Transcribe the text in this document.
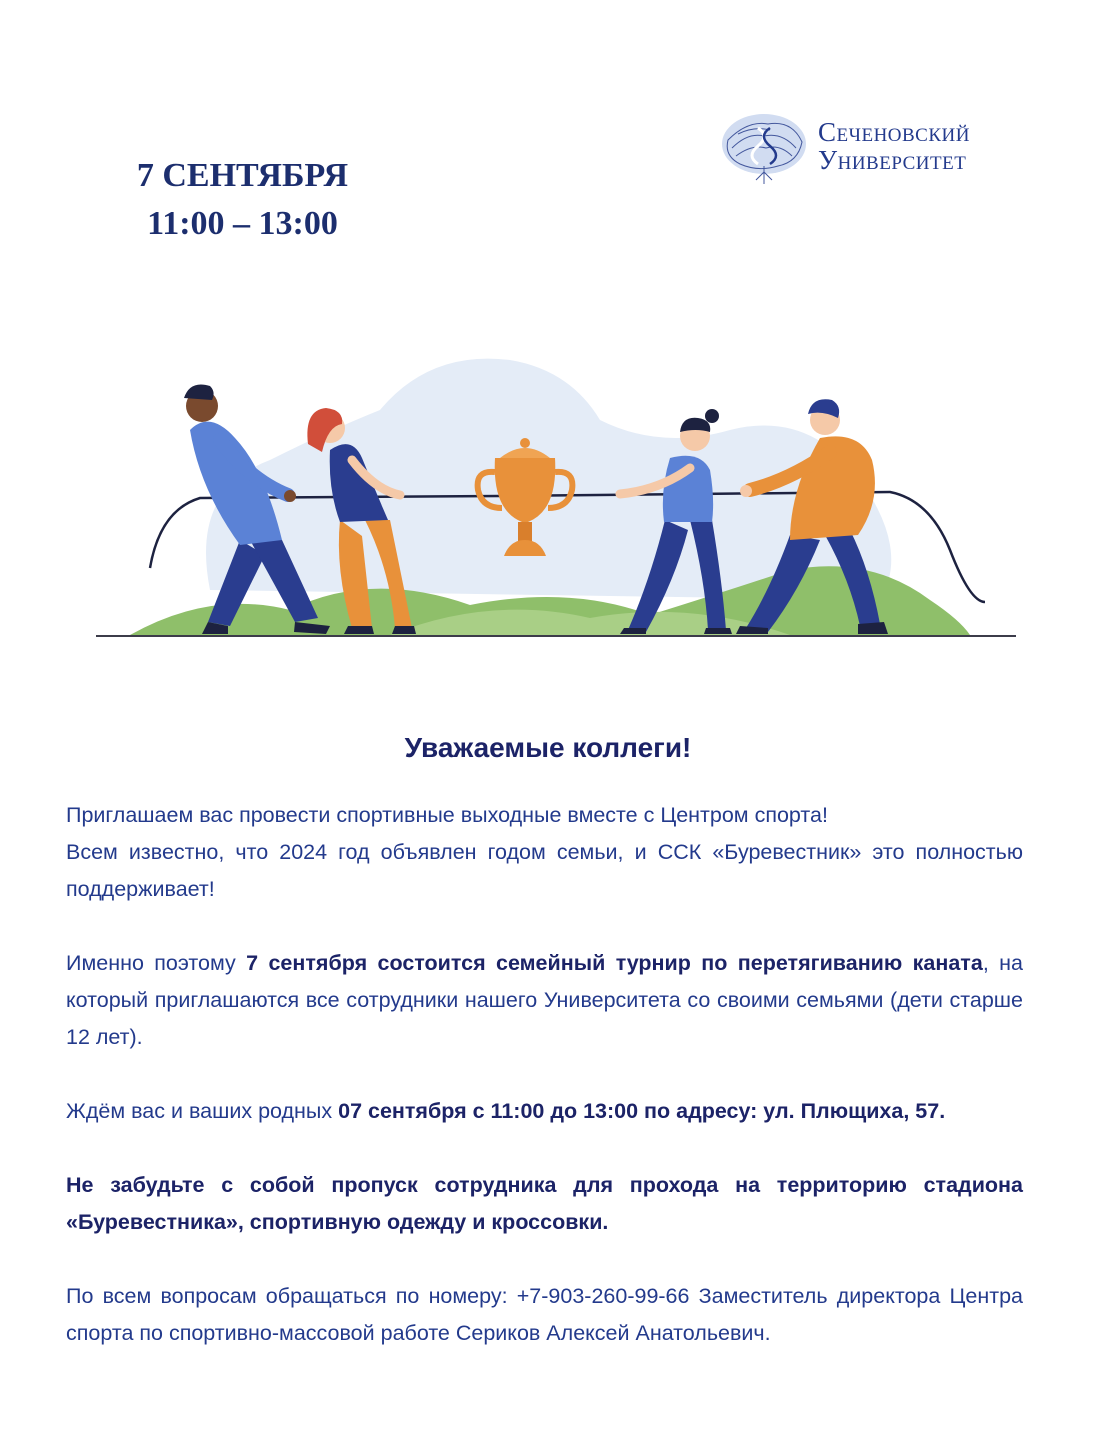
7 СЕНТЯБРЯ
11:00 – 13:00
Сеченовский
Университет
Уважаемые коллеги!

Приглашаем вас провести спортивные выходные вместе с Центром спорта!

Всем известно, что 2024 год объявлен годом семьи, и ССК «Буревестник» это полностью поддерживает!

Именно поэтому 7 сентября состоится семейный турнир по перетягиванию каната, на который приглашаются все сотрудники нашего Университета со своими семьями (дети старше 12 лет).

Ждём вас и ваших родных 07 сентября с 11:00 до 13:00 по адресу: ул. Плющиха, 57.

Не забудьте с собой пропуск сотрудника для прохода на территорию стадиона «Буревестника», спортивную одежду и кроссовки.

По всем вопросам обращаться по номеру: +7-903-260-99-66 Заместитель директора Центра спорта по спортивно-массовой работе Сериков Алексей Анатольевич.
